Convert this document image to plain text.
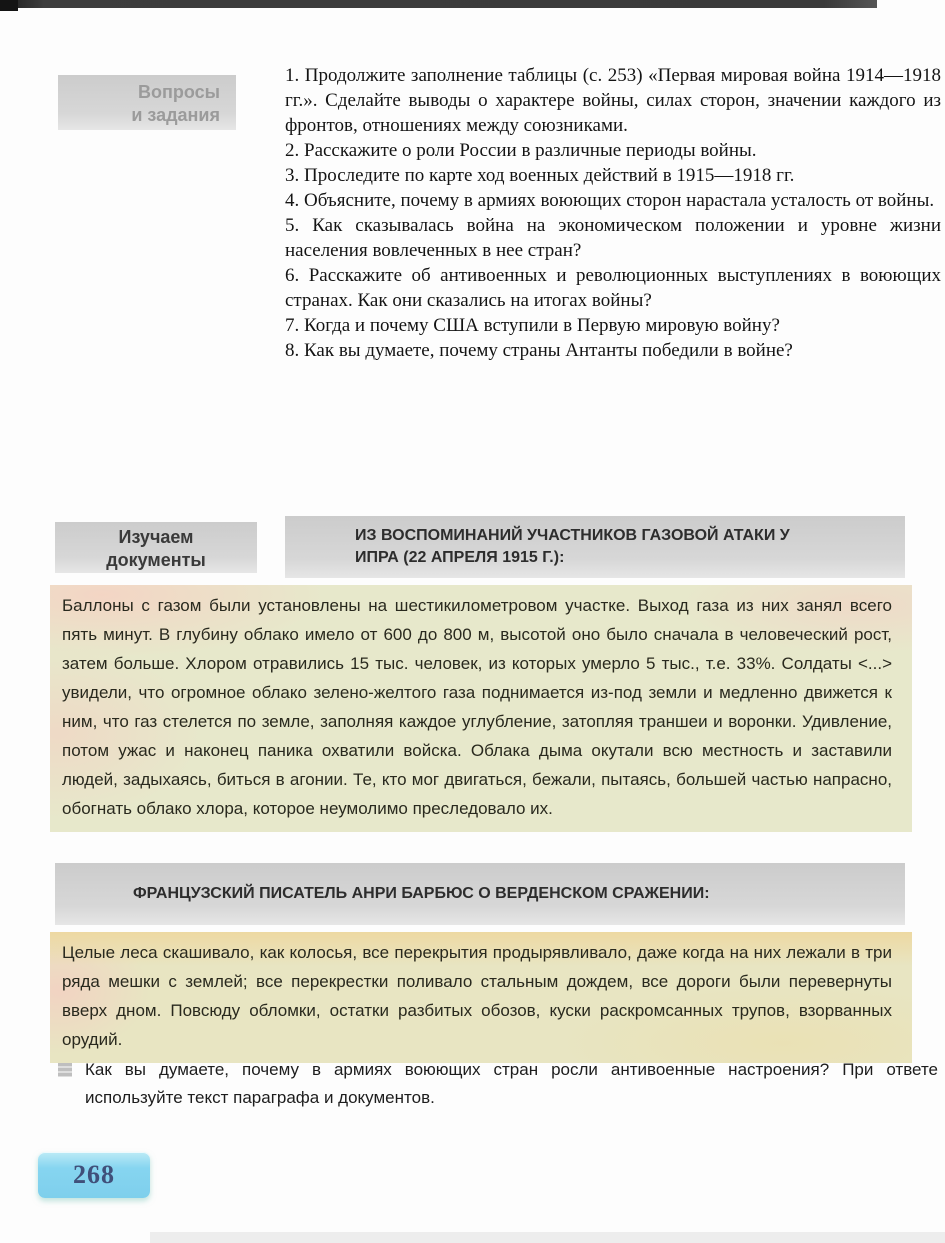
Вопросы
и задания

1. Продолжите заполнение таблицы (с. 253) «Первая мировая война 1914—1918 гг.». Сделайте выводы о характере войны, силах сторон, значении каждого из фронтов, отношениях между союзниками.

2. Расскажите о роли России в различные периоды войны.

3. Проследите по карте ход военных действий в 1915—1918 гг.

4. Объясните, почему в армиях воюющих сторон нарастала усталость от войны.

5. Как сказывалась война на экономическом положении и уровне жизни населения вовлеченных в нее стран?

6. Расскажите об антивоенных и революционных выступлениях в воюющих странах. Как они сказались на итогах войны?

7. Когда и почему США вступили в Первую мировую войну?

8. Как вы думаете, почему страны Антанты победили в войне?

Изучаем
документы
ИЗ ВОСПОМИНАНИЙ УЧАСТНИКОВ ГАЗОВОЙ АТАКИ У ИПРА (22 АПРЕЛЯ 1915 Г.):
Баллоны с газом были установлены на шестикилометровом участке. Выход газа из них занял всего пять минут. В глубину облако имело от 600 до 800 м, высотой оно было сначала в человеческий рост, затем больше. Хлором отравились 15 тыс. человек, из которых умерло 5 тыс., т.е. 33%. Солдаты <...> увидели, что огромное облако зелено-желтого газа поднимается из-под земли и медленно движется к ним, что газ стелется по земле, заполняя каждое углубление, затопляя траншеи и воронки. Удивление, потом ужас и наконец паника охватили войска. Облака дыма окутали всю местность и заставили людей, задыхаясь, биться в агонии. Те, кто мог двигаться, бежали, пытаясь, большей частью напрасно, обогнать облако хлора, которое неумолимо преследовало их.
ФРАНЦУЗСКИЙ ПИСАТЕЛЬ АНРИ БАРБЮС О ВЕРДЕНСКОМ СРАЖЕНИИ:
Целые леса скашивало, как колосья, все перекрытия продырявливало, даже когда на них лежали в три ряда мешки с землей; все перекрестки поливало стальным дождем, все дороги были перевернуты вверх дном. Повсюду обломки, остатки разбитых обозов, куски раскромсанных трупов, взорванных орудий.
Как вы думаете, почему в армиях воюющих стран росли антивоенные настроения? При ответе используйте текст параграфа и документов.
268
